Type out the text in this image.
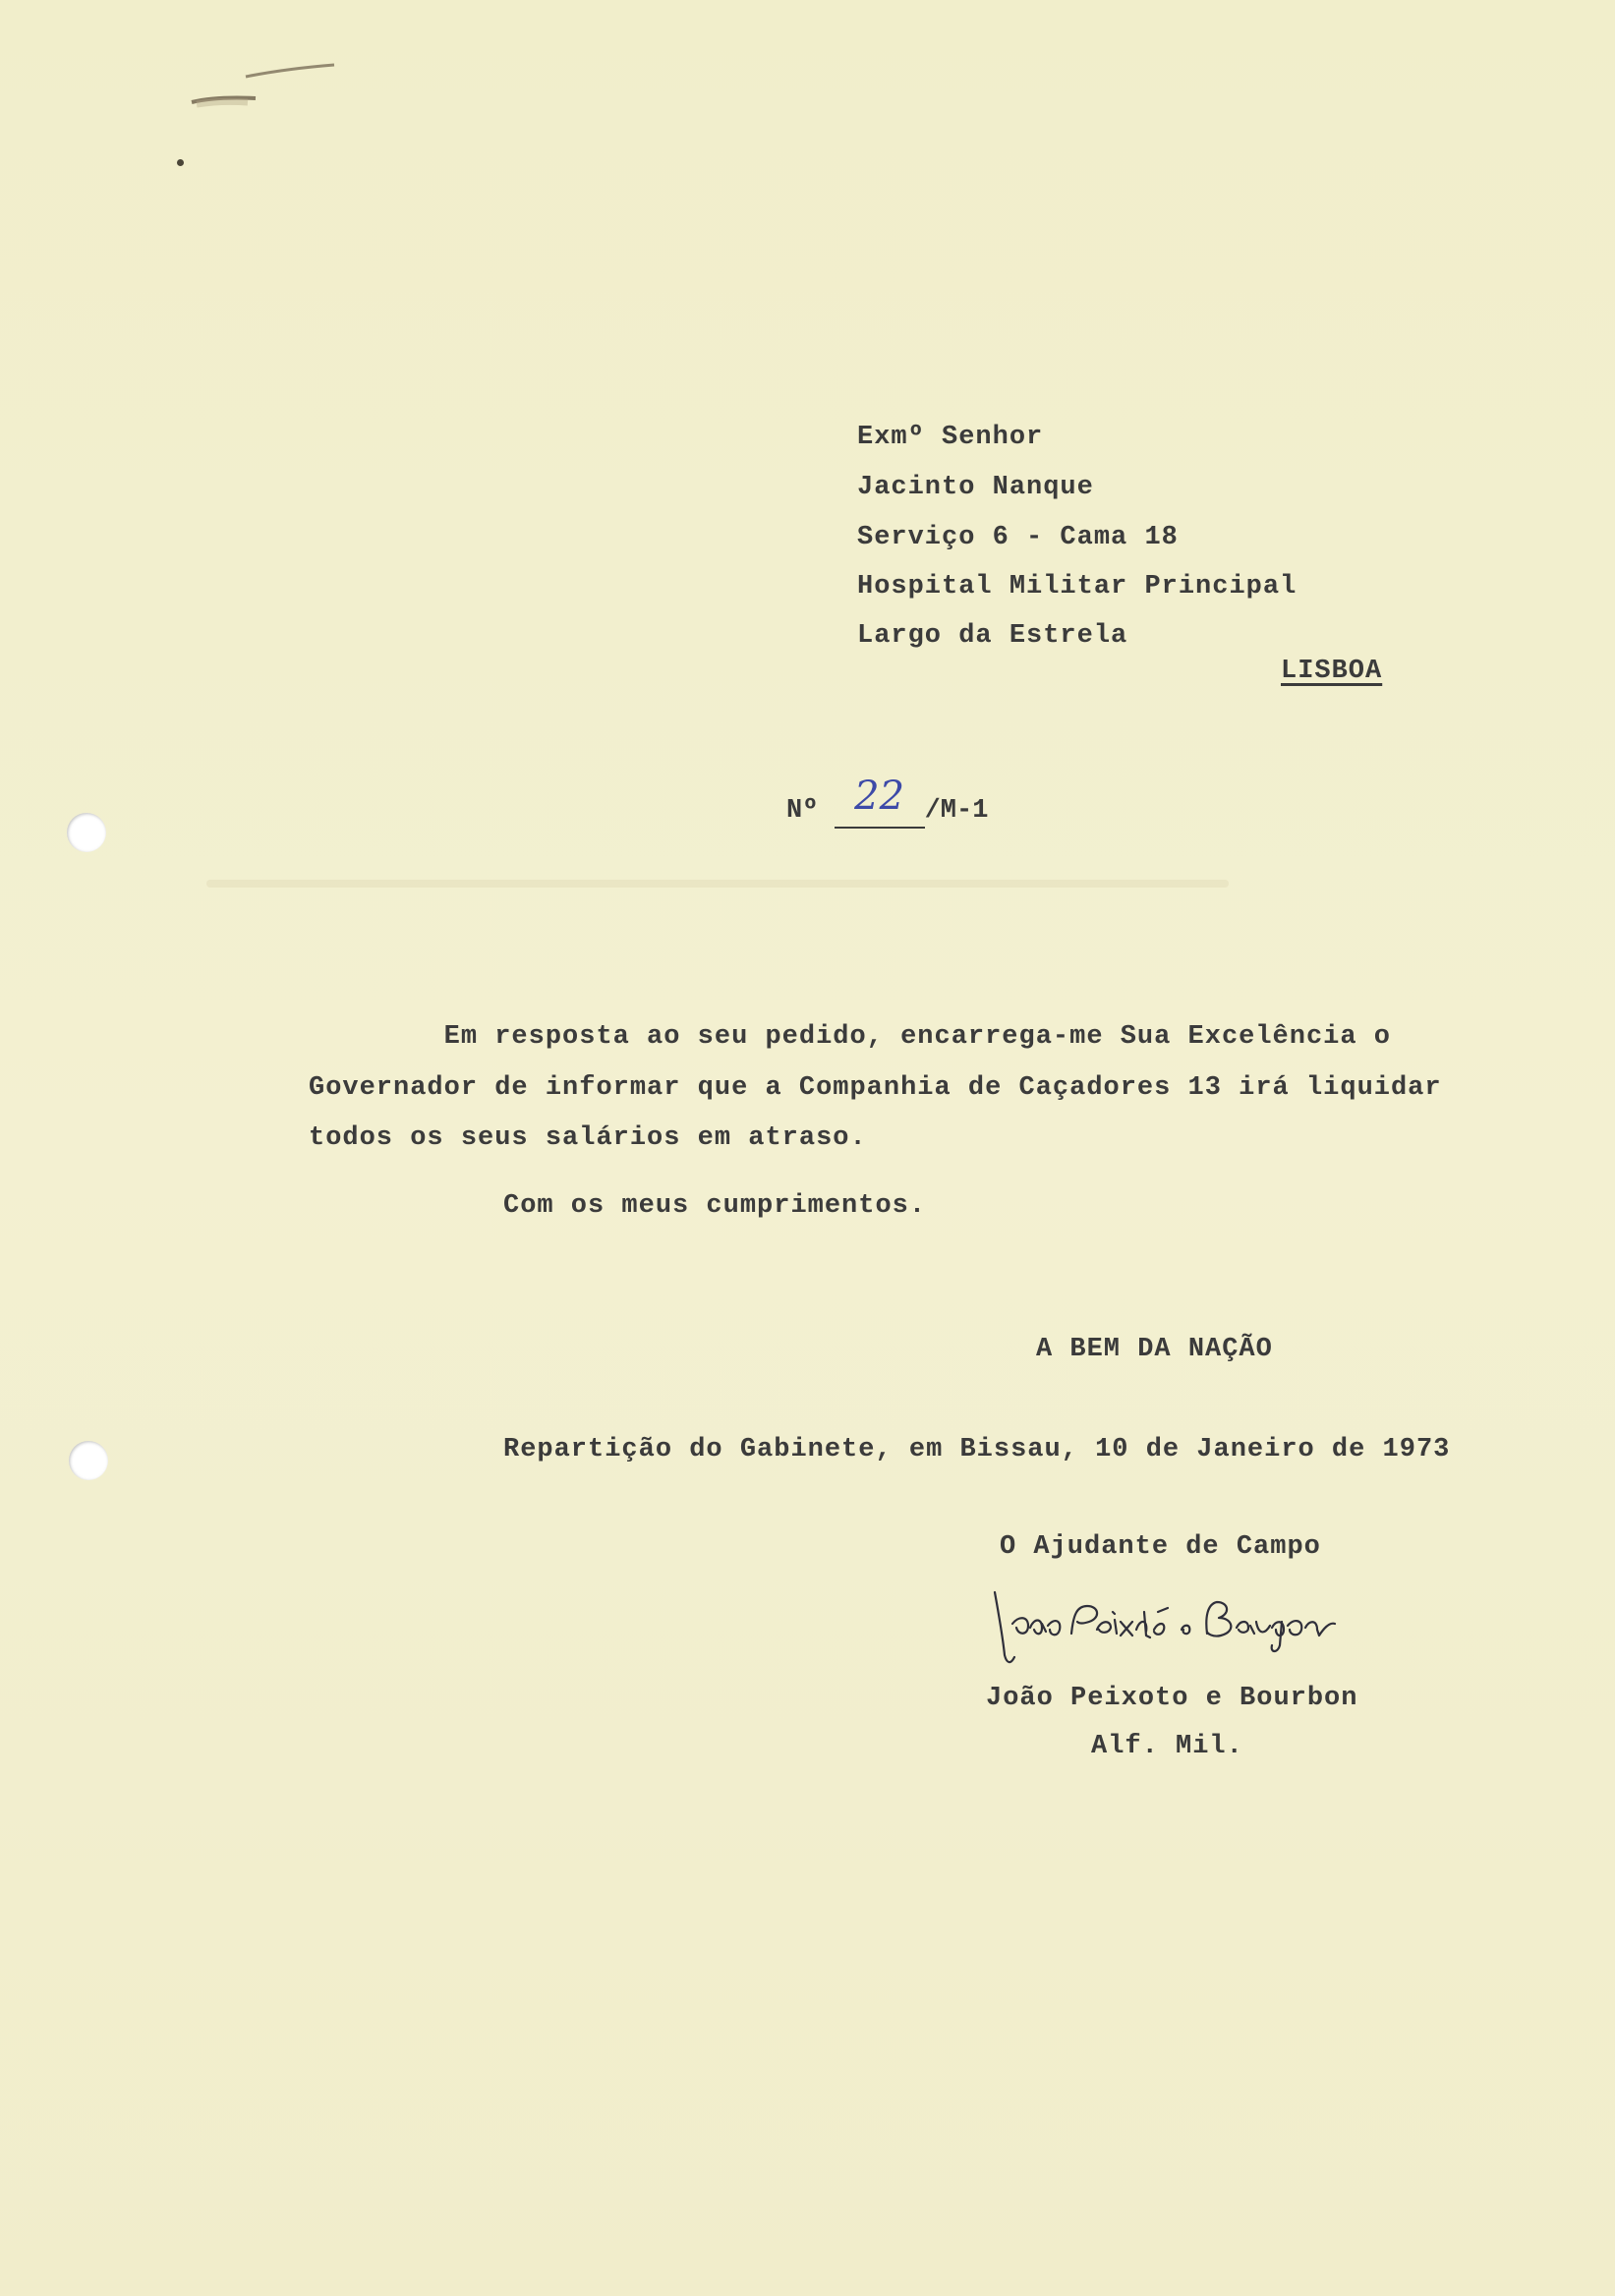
Exmº Senhor
Jacinto Nanque
Serviço 6 - Cama 18
Hospital Militar Principal
Largo da Estrela
LISBOA
Nº 22 /M-1
Em resposta ao seu pedido, encarrega-me Sua Excelência o
Governador de informar que a Companhia de Caçadores 13 irá liquidar
todos os seus salários em atraso.
Com os meus cumprimentos.
A BEM DA NAÇÃO
Repartição do Gabinete, em Bissau, 10 de Janeiro de 1973
O Ajudante de Campo
João Peixoto e Bourbon
Alf. Mil.
